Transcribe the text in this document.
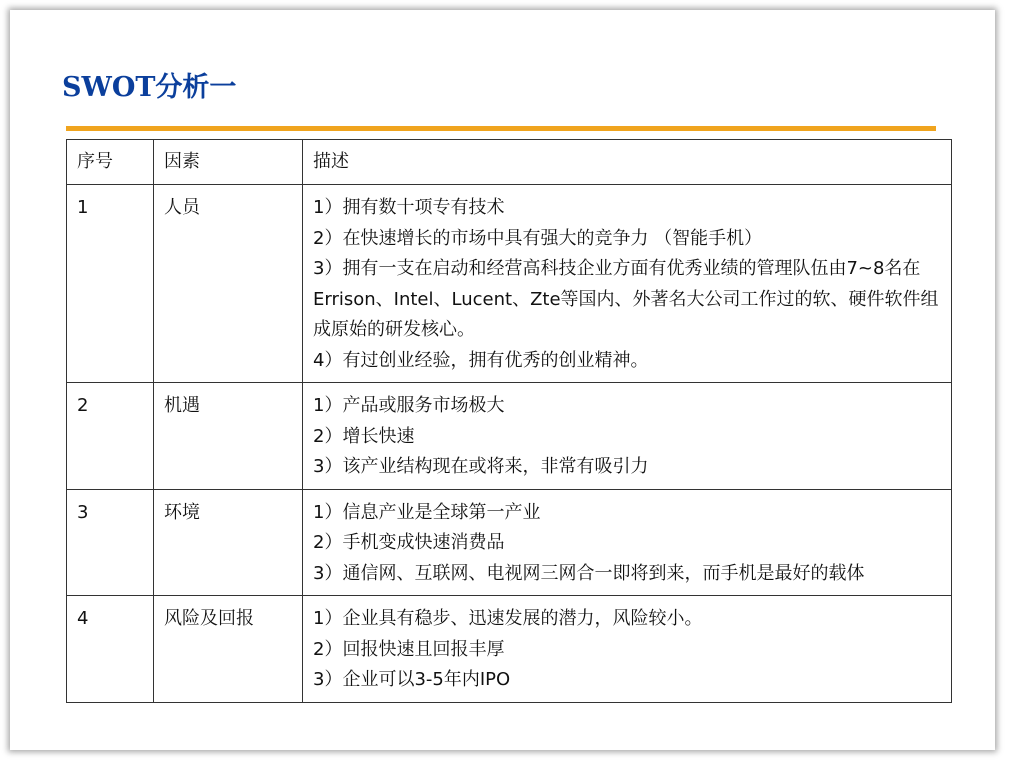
SWOT分析一
序号	因素	描述

1	人员	1）拥有数十项专有技术
2）在快速增长的市场中具有强大的竞争力 （智能手机）
3）拥有一支在启动和经营高科技企业方面有优秀业绩的管理队伍由7~8名在Errison、Intel、Lucent、Zte等国内、外著名大公司工作过的软、硬件软件组成原始的研发核心。
4）有过创业经验，拥有优秀的创业精神。

2	机遇	1）产品或服务市场极大
2）增长快速
3）该产业结构现在或将来，非常有吸引力

3	环境	1）信息产业是全球第一产业
2）手机变成快速消费品
3）通信网、互联网、电视网三网合一即将到来，而手机是最好的载体

4	风险及回报	1）企业具有稳步、迅速发展的潜力，风险较小。
2）回报快速且回报丰厚
3）企业可以3-5年内IPO
